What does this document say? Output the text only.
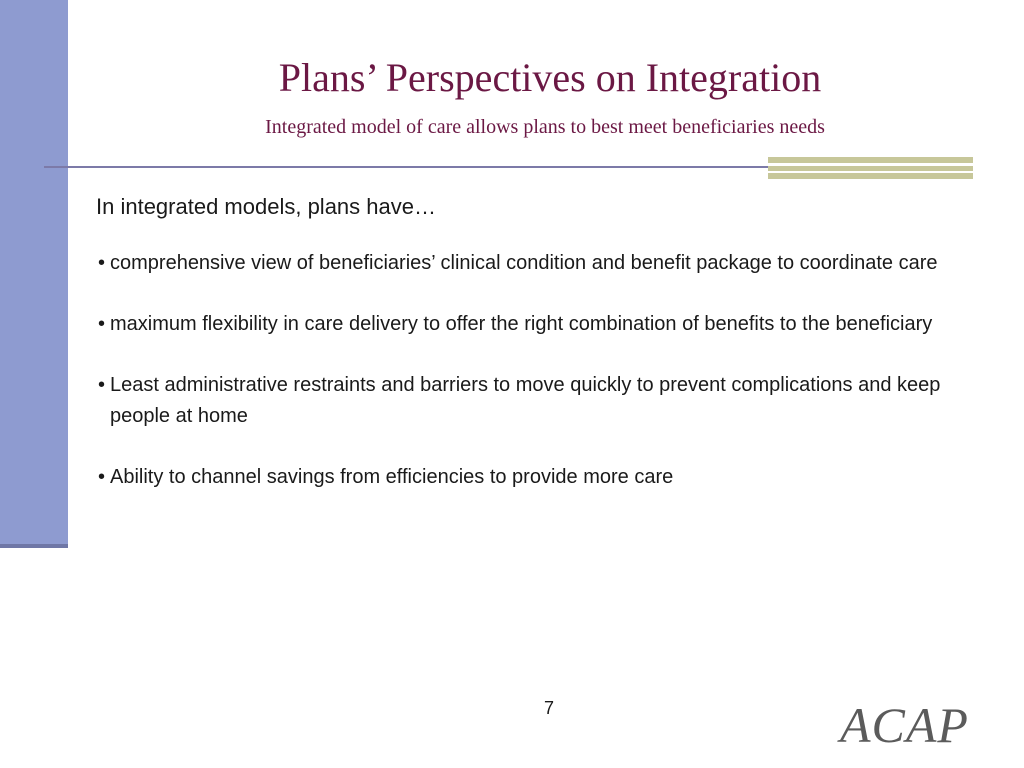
Plans’ Perspectives on Integration
Integrated model of care allows plans to best meet beneficiaries needs
In integrated models, plans have…
• comprehensive view of beneficiaries’ clinical condition and benefit package to coordinate care
• maximum flexibility in care delivery to offer the right combination of benefits to the beneficiary
• Least administrative restraints and barriers to move quickly to prevent complications and keep people at home
• Ability to channel savings from efficiencies to provide more care
7	ACAP
